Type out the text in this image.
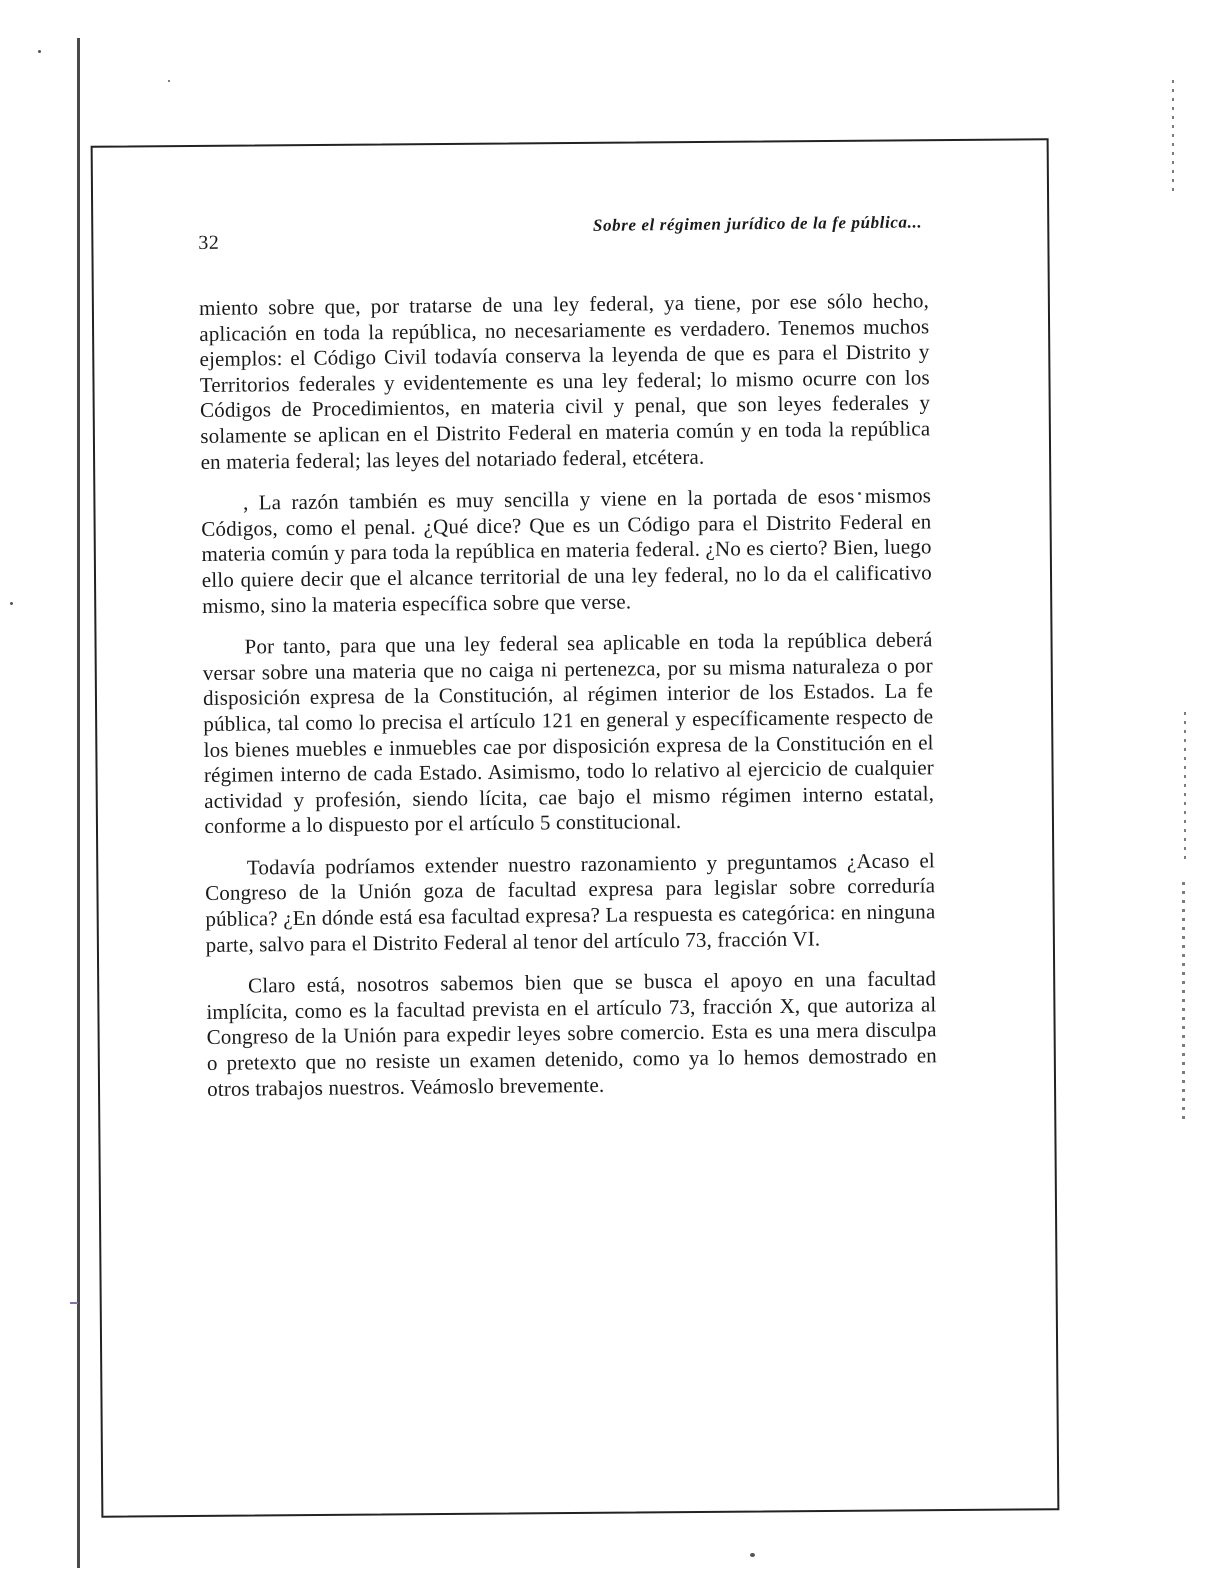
32
Sobre el régimen jurídico de la fe pública...

miento sobre que, por tratarse de una ley federal, ya tiene, por ese sólo hecho, aplicación en toda la república, no necesariamente es verdadero. Tenemos muchos ejemplos: el Código Civil todavía conserva la leyenda de que es para el Distrito y Territorios federales y evidentemente es una ley federal; lo mismo ocurre con los Códigos de Procedimientos, en materia civil y penal, que son leyes federales y solamente se aplican en el Distrito Federal en materia común y en toda la república en materia federal; las leyes del notariado federal, etcétera.

, La razón también es muy sencilla y viene en la portada de esos mismos Códigos, como el penal. ¿Qué dice? Que es un Código para el Distrito Federal en materia común y para toda la república en materia federal. ¿No es cierto? Bien, luego ello quiere decir que el alcance territorial de una ley federal, no lo da el calificativo mismo, sino la materia específica sobre que verse.

Por tanto, para que una ley federal sea aplicable en toda la república deberá versar sobre una materia que no caiga ni pertenezca, por su misma naturaleza o por disposición expresa de la Constitución, al régimen interior de los Estados. La fe pública, tal como lo precisa el artículo 121 en general y específicamente respecto de los bienes muebles e inmuebles cae por disposición expresa de la Constitución en el régimen interno de cada Estado. Asimismo, todo lo relativo al ejercicio de cualquier actividad y profesión, siendo lícita, cae bajo el mismo régimen interno estatal, conforme a lo dispuesto por el artículo 5 constitucional.

Todavía podríamos extender nuestro razonamiento y preguntamos ¿Acaso el Congreso de la Unión goza de facultad expresa para legislar sobre correduría pública? ¿En dónde está esa facultad expresa? La respuesta es categórica: en ninguna parte, salvo para el Distrito Federal al tenor del artículo 73, fracción VI.

Claro está, nosotros sabemos bien que se busca el apoyo en una facultad implícita, como es la facultad prevista en el artículo 73, fracción X, que autoriza al Congreso de la Unión para expedir leyes sobre comercio. Esta es una mera disculpa o pretexto que no resiste un examen detenido, como ya lo hemos demostrado en otros trabajos nuestros. Veámoslo brevemente.
